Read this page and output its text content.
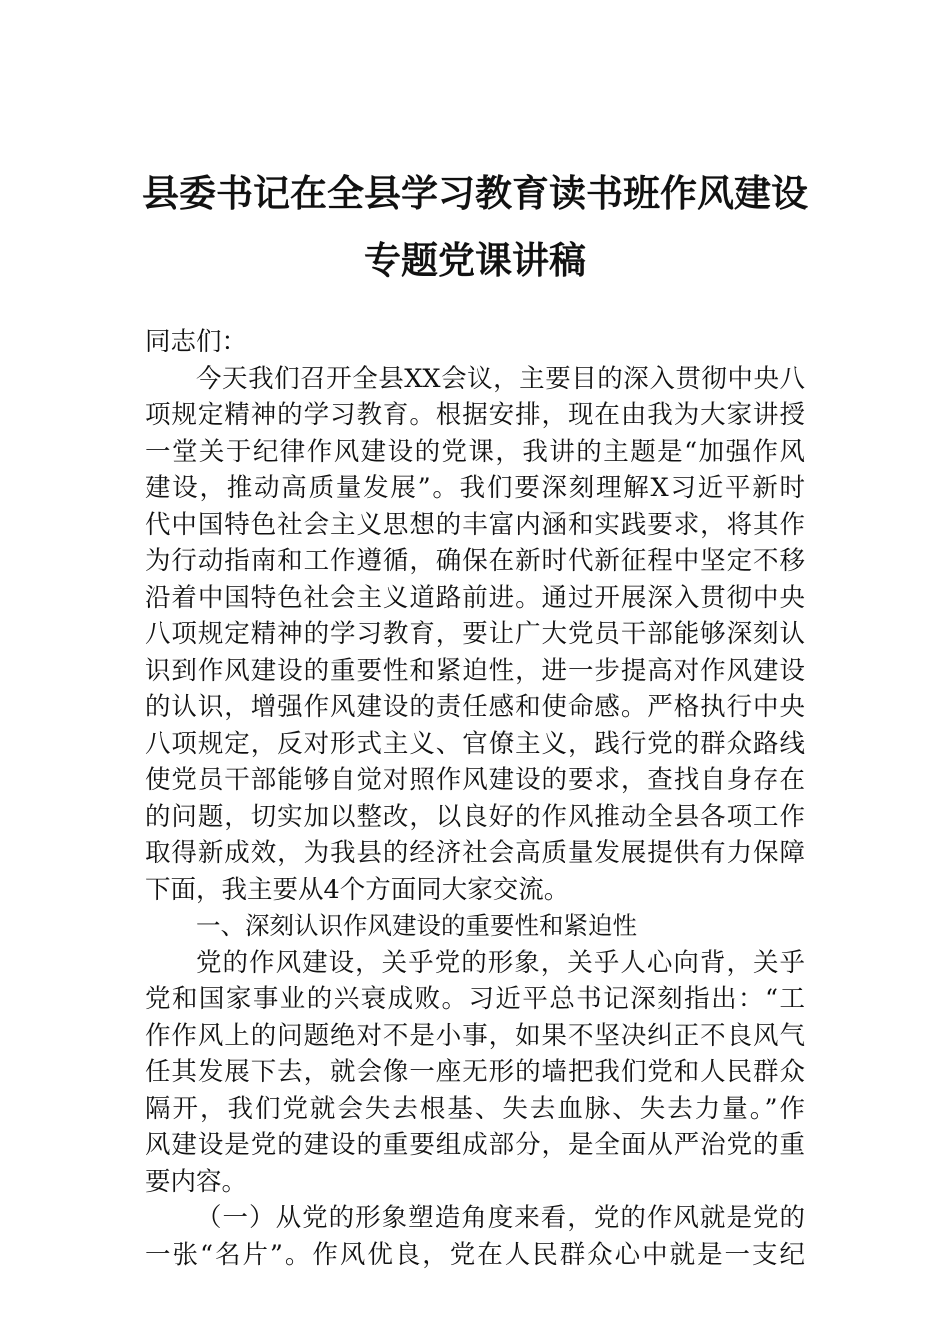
县委书记在全县学习教育读书班作风建设
专题党课讲稿
同志们：
今天我们召开全县XX会议，主要目的深入贯彻中央八
项规定精神的学习教育。根据安排，现在由我为大家讲授
一堂关于纪律作风建设的党课，我讲的主题是“加强作风
建设，推动高质量发展”。我们要深刻理解X习近平新时
代中国特色社会主义思想的丰富内涵和实践要求，将其作
为行动指南和工作遵循，确保在新时代新征程中坚定不移
沿着中国特色社会主义道路前进。通过开展深入贯彻中央
八项规定精神的学习教育，要让广大党员干部能够深刻认
识到作风建设的重要性和紧迫性，进一步提高对作风建设
的认识，增强作风建设的责任感和使命感。严格执行中央
八项规定，反对形式主义、官僚主义，践行党的群众路线
使党员干部能够自觉对照作风建设的要求，查找自身存在
的问题，切实加以整改，以良好的作风推动全县各项工作
取得新成效，为我县的经济社会高质量发展提供有力保障
下面，我主要从4个方面同大家交流。
一、深刻认识作风建设的重要性和紧迫性
党的作风建设，关乎党的形象，关乎人心向背，关乎
党和国家事业的兴衰成败。习近平总书记深刻指出：“工
作作风上的问题绝对不是小事，如果不坚决纠正不良风气
任其发展下去，就会像一座无形的墙把我们党和人民群众
隔开，我们党就会失去根基、失去血脉、失去力量。”作
风建设是党的建设的重要组成部分，是全面从严治党的重
要内容。
（一）从党的形象塑造角度来看，党的作风就是党的
一张“名片”。作风优良，党在人民群众心中就是一支纪
